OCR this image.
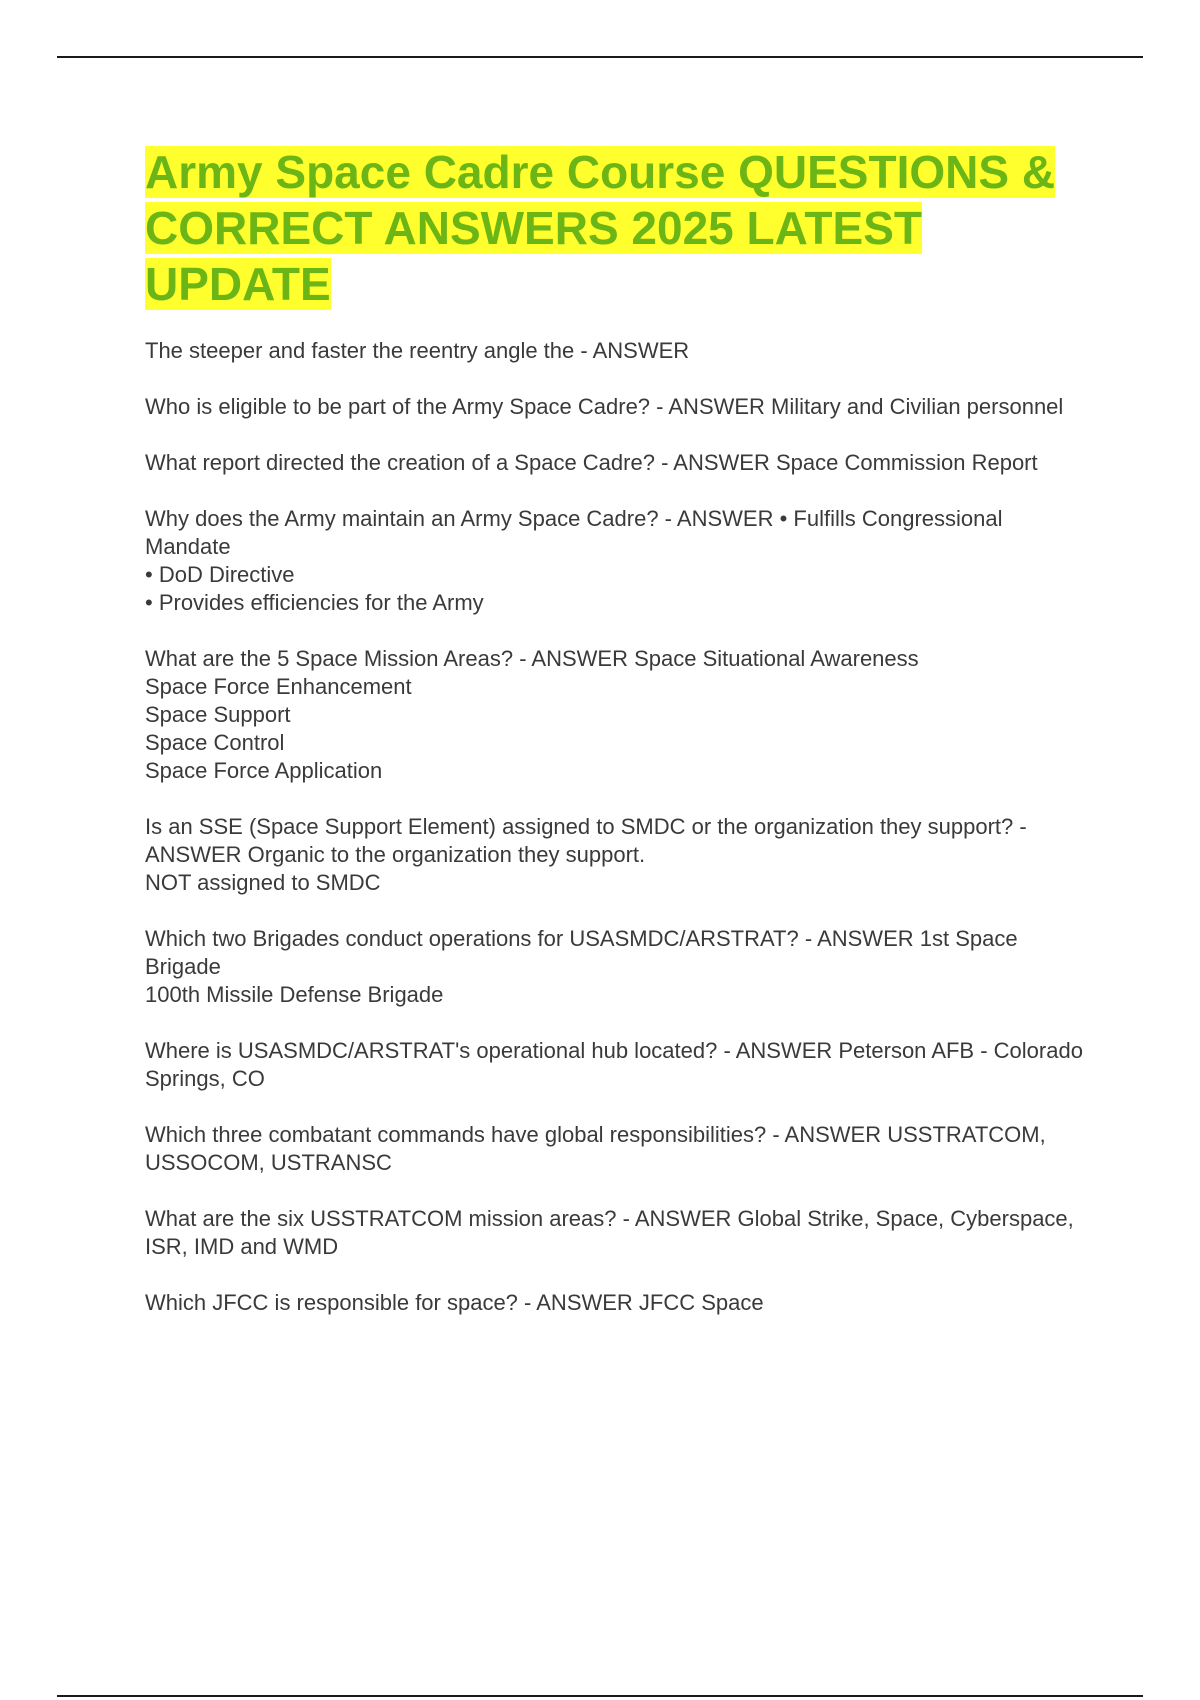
Army Space Cadre Course QUESTIONS & CORRECT ANSWERS 2025 LATEST UPDATE
The steeper and faster the reentry angle the - ANSWER
Who is eligible to be part of the Army Space Cadre? - ANSWER Military and Civilian personnel
What report directed the creation of a Space Cadre? - ANSWER Space Commission Report
Why does the Army maintain an Army Space Cadre? - ANSWER • Fulfills Congressional Mandate
• DoD Directive
• Provides efficiencies for the Army
What are the 5 Space Mission Areas? - ANSWER Space Situational Awareness
Space Force Enhancement
Space Support
Space Control
Space Force Application
Is an SSE (Space Support Element) assigned to SMDC or the organization they support? - ANSWER Organic to the organization they support.
NOT assigned to SMDC
Which two Brigades conduct operations for USASMDC/ARSTRAT? - ANSWER 1st Space Brigade
100th Missile Defense Brigade
Where is USASMDC/ARSTRAT's operational hub located? - ANSWER Peterson AFB - Colorado Springs, CO
Which three combatant commands have global responsibilities? - ANSWER USSTRATCOM, USSOCOM, USTRANSC
What are the six USSTRATCOM mission areas? - ANSWER Global Strike, Space, Cyberspace, ISR, IMD and WMD
Which JFCC is responsible for space? - ANSWER JFCC Space
